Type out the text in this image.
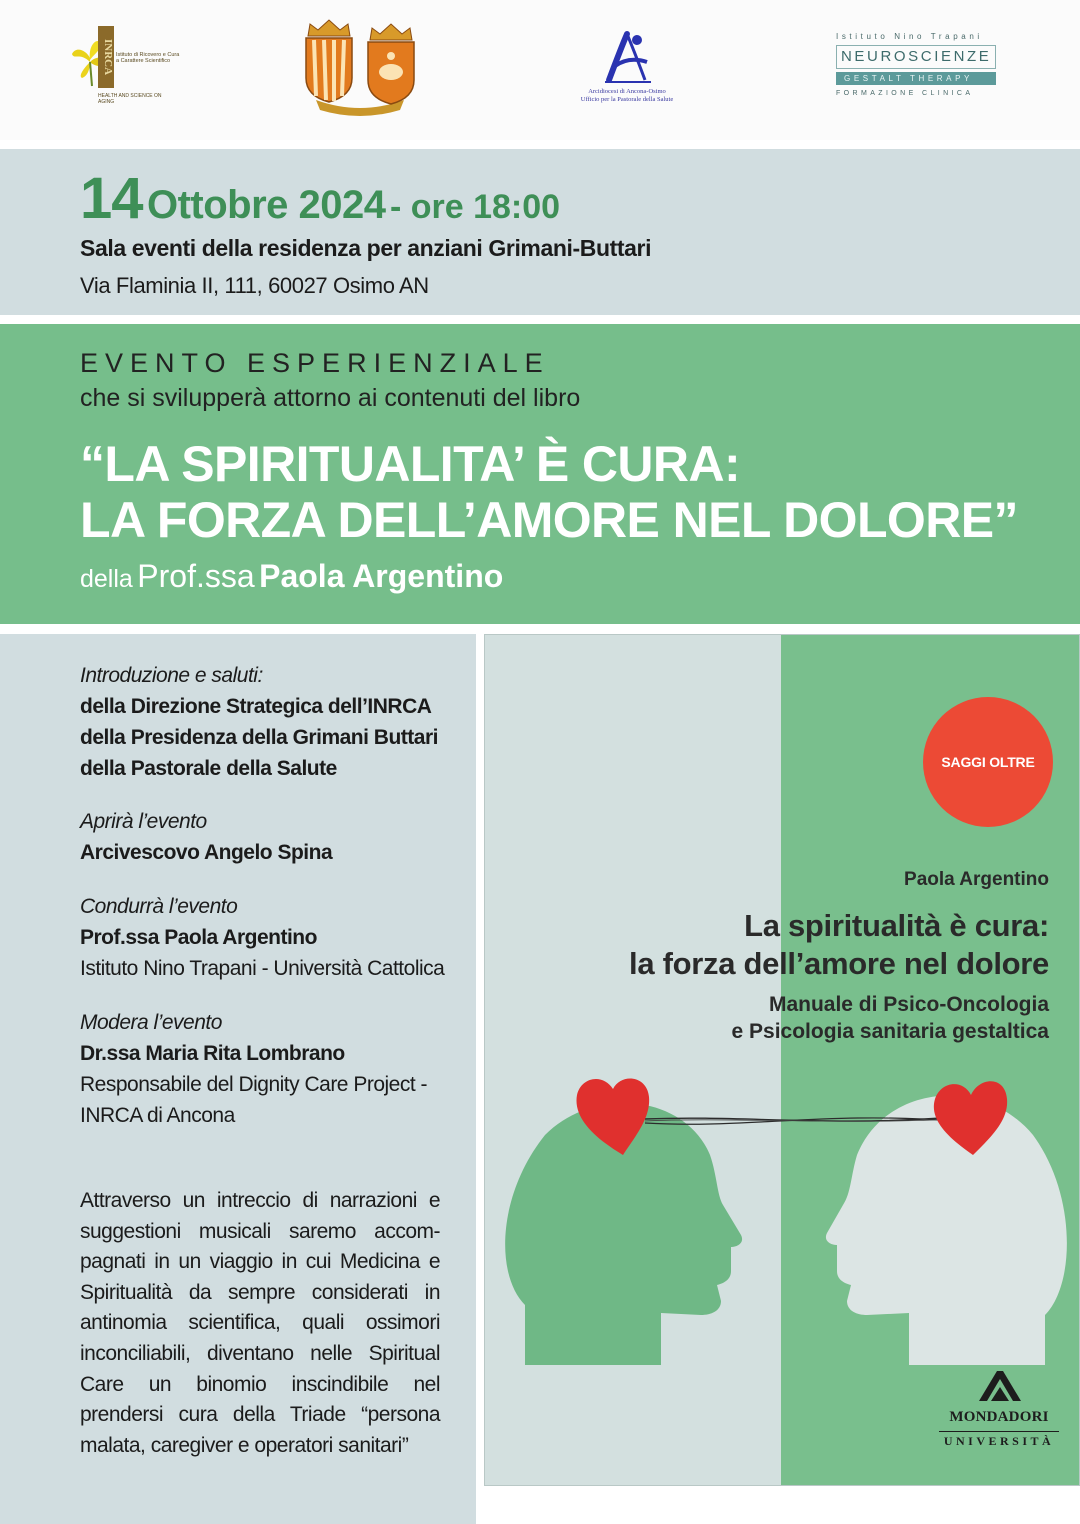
INRCA Istituto di Ricovero e Cura a Carattere Scientifico
HEALTH AND SCIENCE ON AGING
Arcidiocesi di Ancona-Osimo
Ufficio per la Pastorale della Salute
Istituto Nino Trapani
NEUROSCIENZE
GESTALT THERAPY
FORMAZIONE CLINICA
14 Ottobre 2024 - ore 18:00
Sala eventi della residenza per anziani Grimani-Buttari
Via Flaminia II, 111, 60027 Osimo AN
EVENTO ESPERIENZIALE
che si svilupperà attorno ai contenuti del libro
“LA SPIRITUALITA’ È CURA:
LA FORZA DELL’AMORE NEL DOLORE”
della Prof.ssa Paola Argentino
Introduzione e saluti:
della Direzione Strategica dell’INRCA
della Presidenza della Grimani Buttari
della Pastorale della Salute
Aprirà l’evento
Arcivescovo Angelo Spina
Condurrà l’evento
Prof.ssa Paola Argentino
Istituto Nino Trapani - Università Cattolica
Modera l’evento
Dr.ssa Maria Rita Lombrano
Responsabile del Dignity Care Project -
INRCA di Ancona
Attraverso un intreccio di narrazioni e suggestioni musicali saremo accom-pagnati in un viaggio in cui Medicina e Spiritualità da sempre considerati in antinomia scientifica, quali ossimori inconciliabili, diventano nelle Spiritual Care un binomio inscindibile nel prendersi cura della Triade “persona malata, caregiver e operatori sanitari”
SAGGI OLTRE
Paola Argentino
La spiritualità è cura:
la forza dell’amore nel dolore
Manuale di Psico-Oncologia
e Psicologia sanitaria gestaltica
MONDADORI
UNIVERSITÀ
